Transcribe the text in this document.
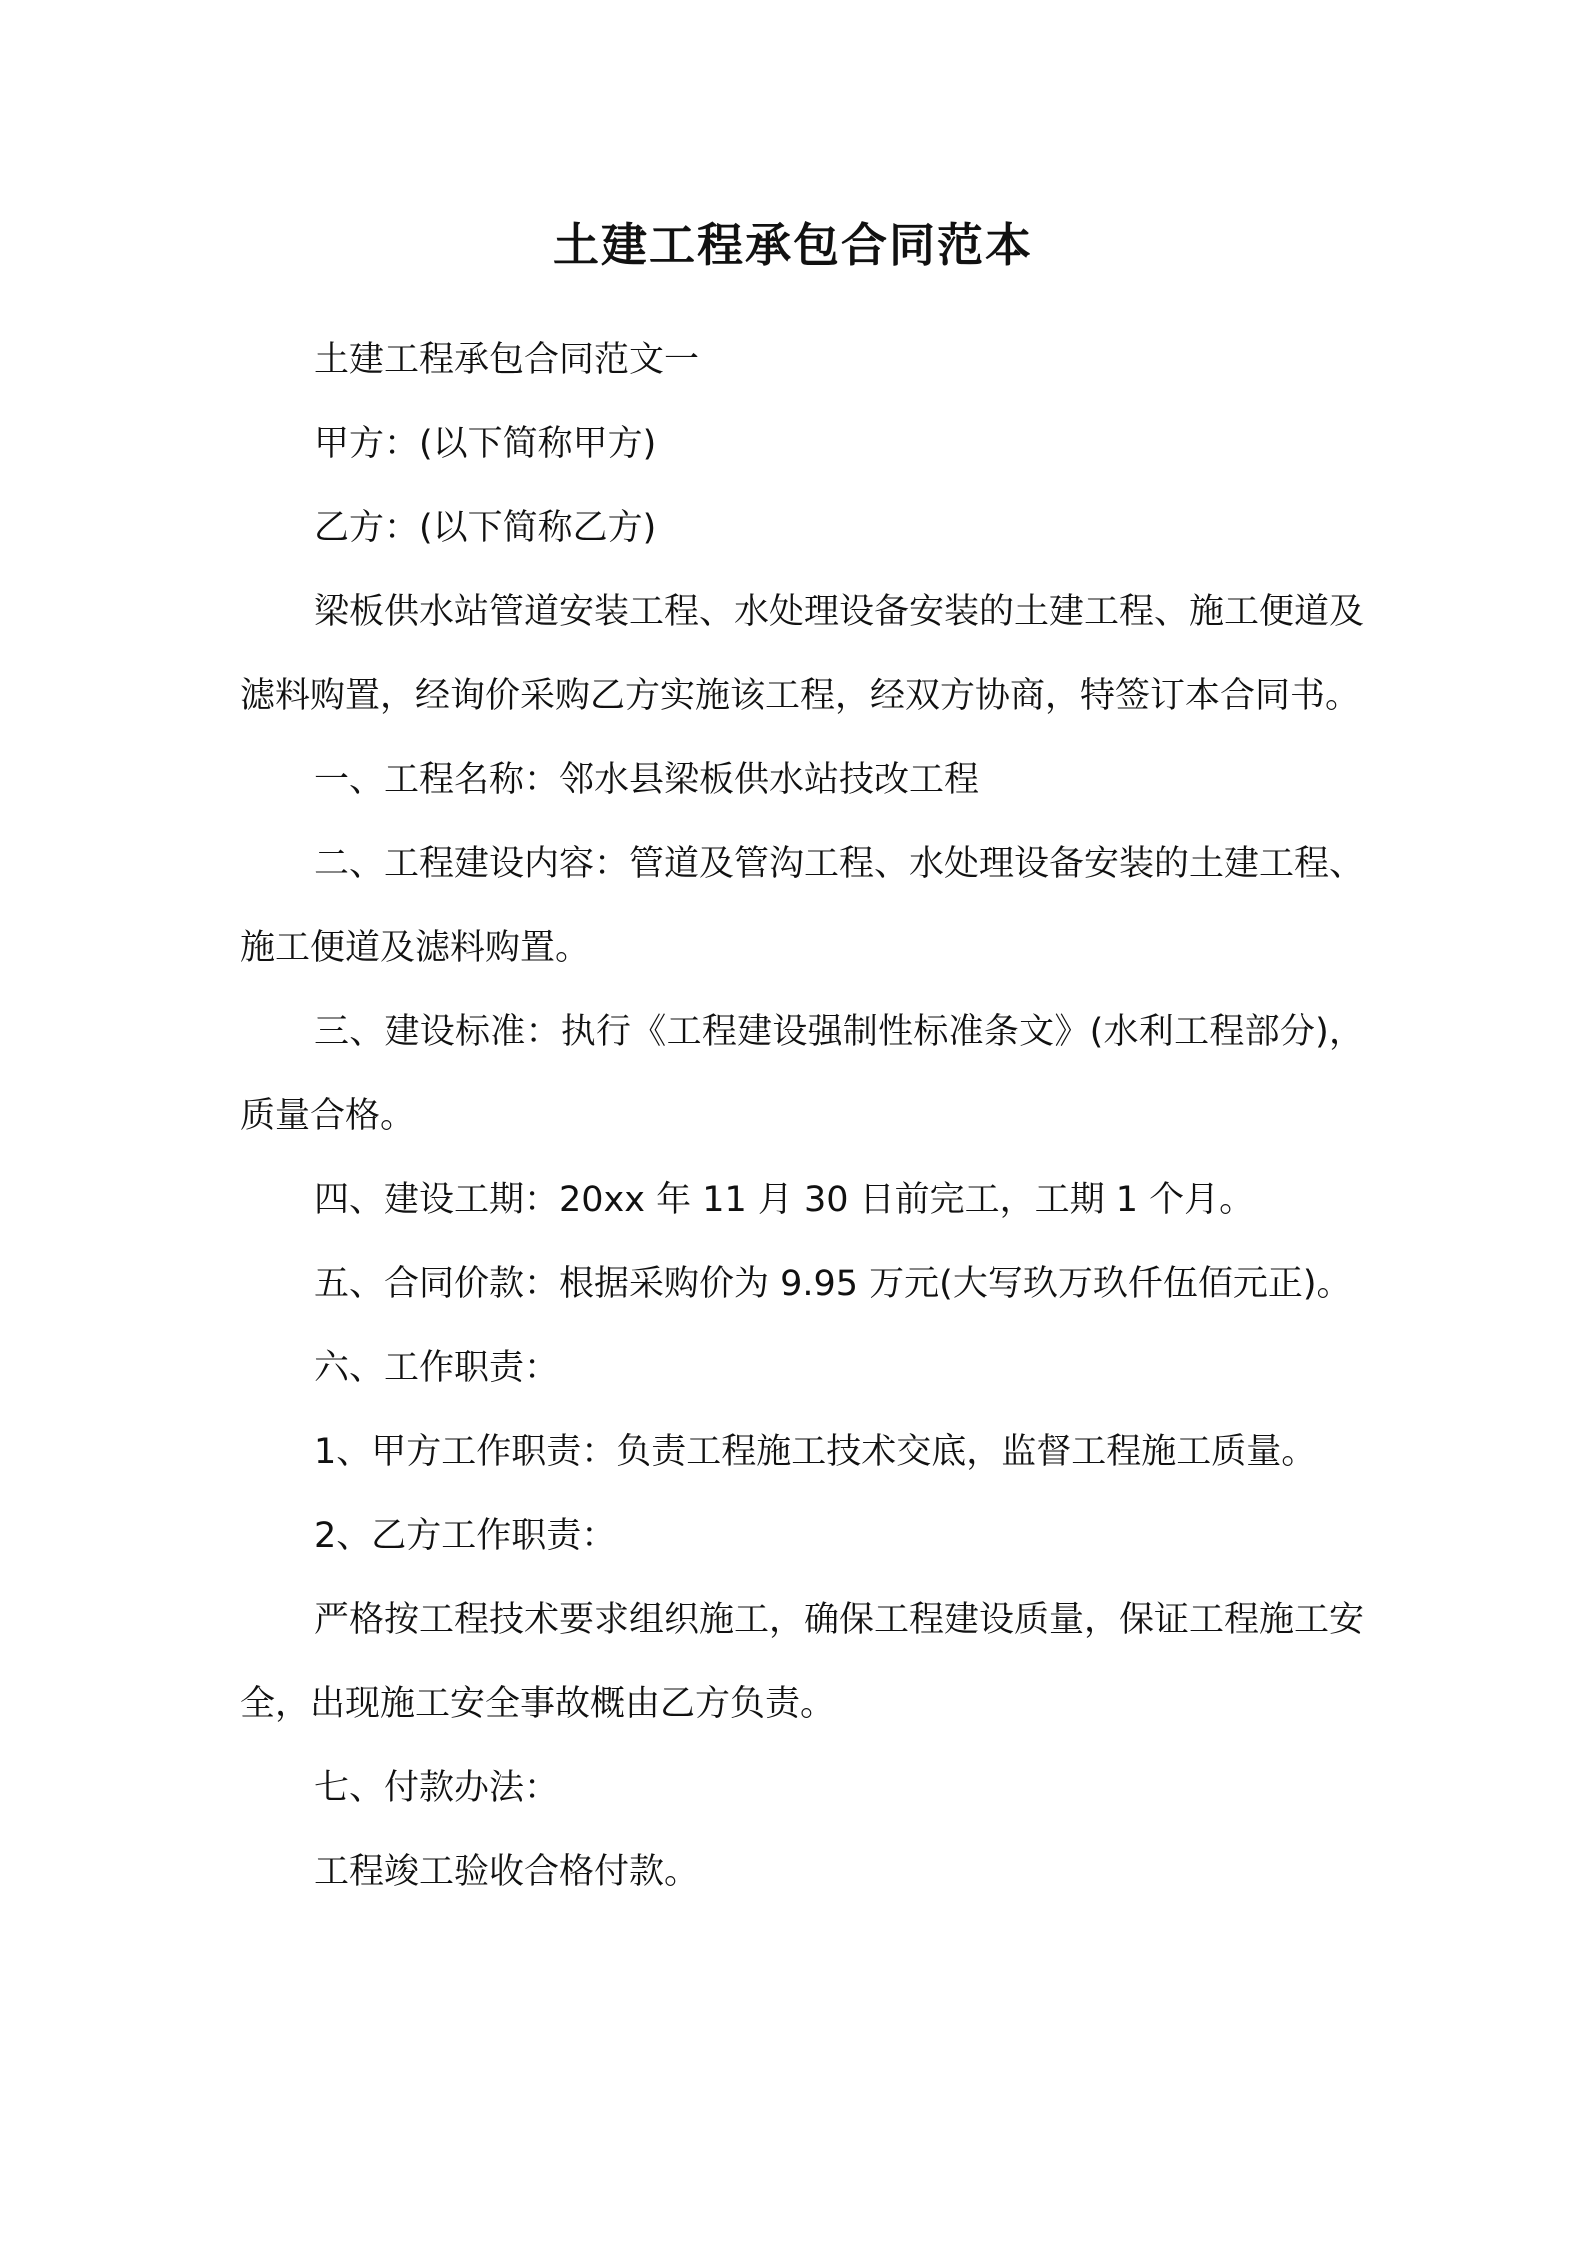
土建工程承包合同范本

土建工程承包合同范文一

甲方：(以下简称甲方)

乙方：(以下简称乙方)

梁板供水站管道安装工程、水处理设备安装的土建工程、施工便道及滤料购置，经询价采购乙方实施该工程，经双方协商，特签订本合同书。

一、工程名称：邻水县梁板供水站技改工程

二、工程建设内容：管道及管沟工程、水处理设备安装的土建工程、施工便道及滤料购置。

三、建设标准：执行《工程建设强制性标准条文》(水利工程部分)，质量合格。

四、建设工期：20xx 年 11 月 30 日前完工，工期 1 个月。

五、合同价款：根据采购价为 9.95 万元(大写玖万玖仟伍佰元正)。

六、工作职责：

1、甲方工作职责：负责工程施工技术交底，监督工程施工质量。

2、乙方工作职责：

严格按工程技术要求组织施工，确保工程建设质量，保证工程施工安全，出现施工安全事故概由乙方负责。

七、付款办法：

工程竣工验收合格付款。
